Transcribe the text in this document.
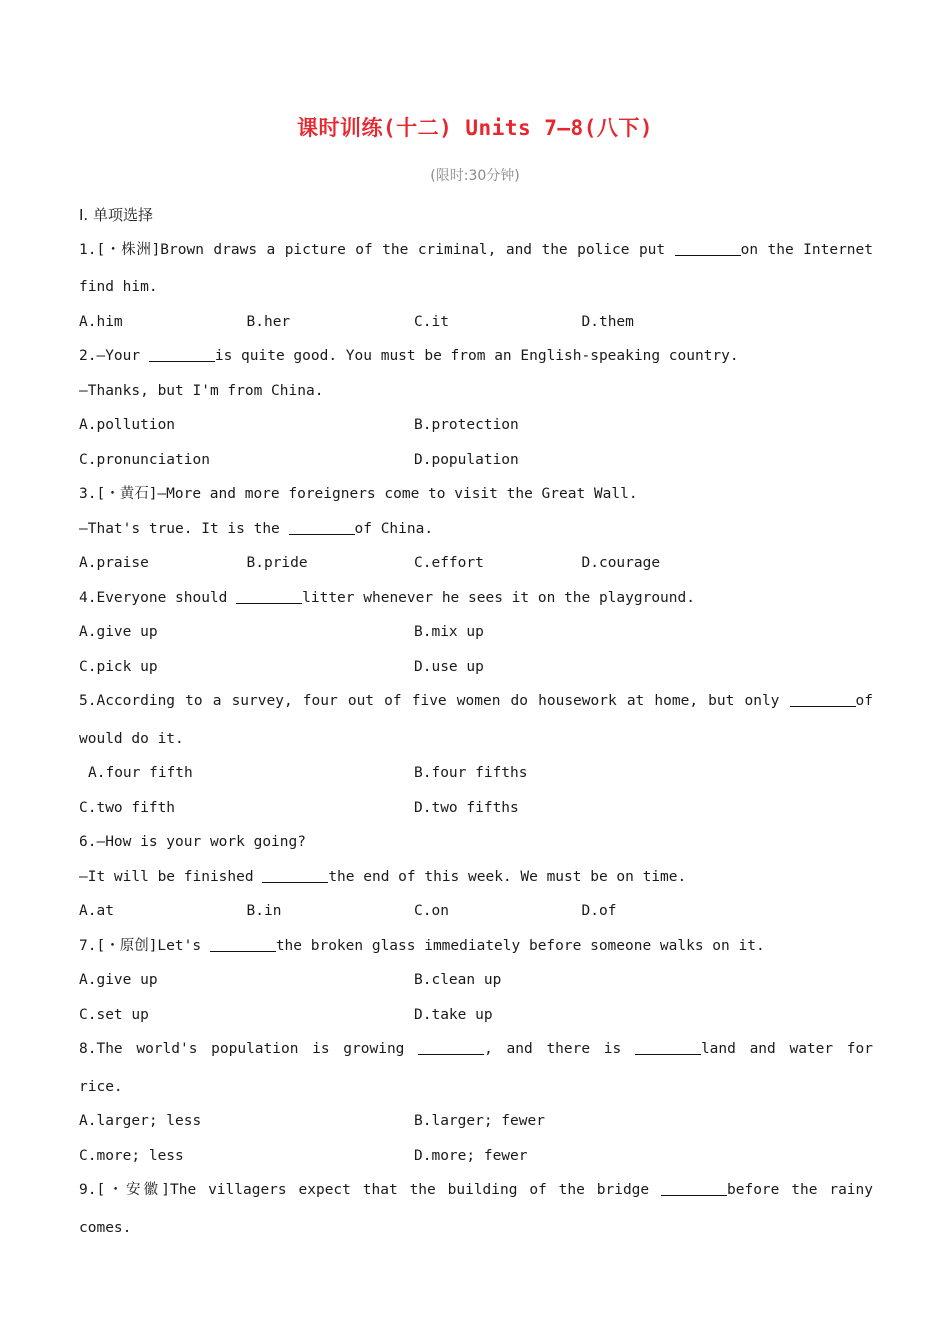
课时训练(十二) Units 7—8(八下)
(限时:30分钟)
Ⅰ. 单项选择
1.[・株洲]Brown draws a picture of the criminal, and the police put	on the Internet
find him.
A.him	B.her	C.it	D.them
2.—Your	is quite good. You must be from an English-speaking country.
—Thanks, but I'm from China.
A.pollution	B.protection
C.pronunciation	D.population
3.[・黄石]—More and more foreigners come to visit the Great Wall.
—That's true. It is the	of China.
A.praise	B.pride	C.effort	D.courage
4.Everyone should	litter whenever he sees it on the playground.
A.give up	B.mix up
C.pick up	D.use up
5.According to a survey, four out of five women do housework at home, but only	of
would do it.
A.four fifth	B.four fifths
C.two fifth	D.two fifths
6.—How is your work going?
—It will be finished	the end of this week. We must be on time.
A.at	B.in	C.on	D.of
7.[・原创]Let's	the broken glass immediately before someone walks on it.
A.give up	B.clean up
C.set up	D.take up
8.The world's population is growing	, and there is	land and water for
rice.
A.larger; less	B.larger; fewer
C.more; less	D.more; fewer
9.[・安徽]The villagers expect that the building of the bridge	before the rainy
comes.
